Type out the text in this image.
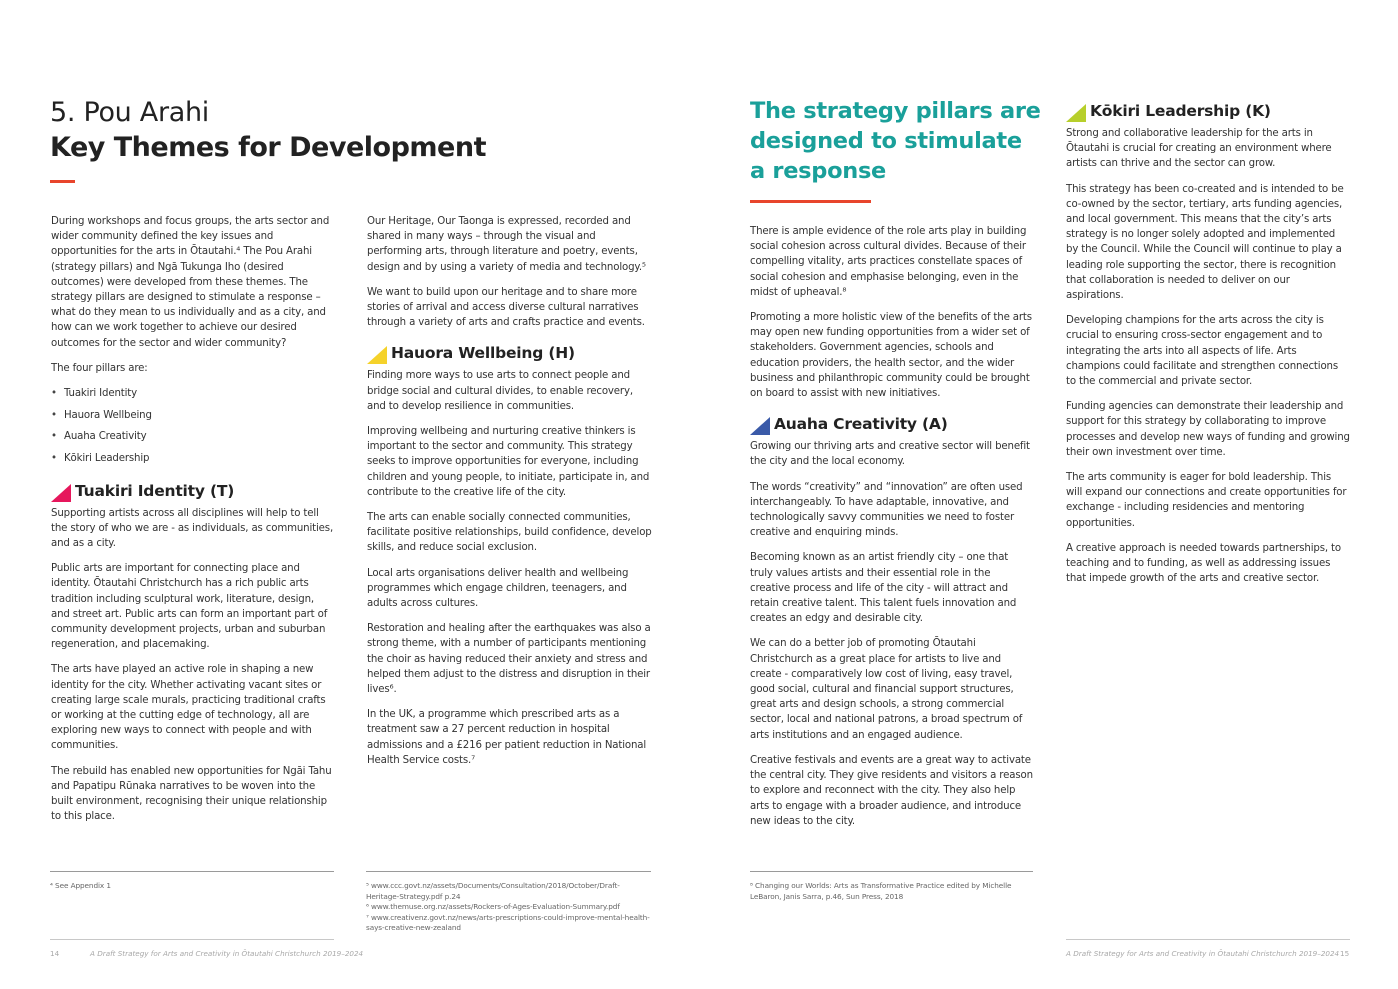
5. Pou Arahi
Key Themes for Development

During workshops and focus groups, the arts sector and wider community defined the key issues and opportunities for the arts in Ōtautahi.⁴ The Pou Arahi (strategy pillars) and Ngā Tukunga Iho (desired outcomes) were developed from these themes. The strategy pillars are designed to stimulate a response – what do they mean to us individually and as a city, and how can we work together to achieve our desired outcomes for the sector and wider community?

The four pillars are:

• Tuakiri Identity
• Hauora Wellbeing
• Auaha Creativity
• Kōkiri Leadership
Tuakiri Identity (T)

Supporting artists across all disciplines will help to tell the story of who we are - as individuals, as communities, and as a city.

Public arts are important for connecting place and identity. Ōtautahi Christchurch has a rich public arts tradition including sculptural work, literature, design, and street art. Public arts can form an important part of community development projects, urban and suburban regeneration, and placemaking.

The arts have played an active role in shaping a new identity for the city. Whether activating vacant sites or creating large scale murals, practicing traditional crafts or working at the cutting edge of technology, all are exploring new ways to connect with people and with communities.

The rebuild has enabled new opportunities for Ngāi Tahu and Papatipu Rūnaka narratives to be woven into the built environment, recognising their unique relationship to this place.

Our Heritage, Our Taonga is expressed, recorded and shared in many ways – through the visual and performing arts, through literature and poetry, events, design and by using a variety of media and technology.⁵

We want to build upon our heritage and to share more stories of arrival and access diverse cultural narratives through a variety of arts and crafts practice and events.

Hauora Wellbeing (H)

Finding more ways to use arts to connect people and bridge social and cultural divides, to enable recovery, and to develop resilience in communities.

Improving wellbeing and nurturing creative thinkers is important to the sector and community. This strategy seeks to improve opportunities for everyone, including children and young people, to initiate, participate in, and contribute to the creative life of the city.

The arts can enable socially connected communities, facilitate positive relationships, build confidence, develop skills, and reduce social exclusion.

Local arts organisations deliver health and wellbeing programmes which engage children, teenagers, and adults across cultures.

Restoration and healing after the earthquakes was also a strong theme, with a number of participants mentioning the choir as having reduced their anxiety and stress and helped them adjust to the distress and disruption in their lives⁶.

In the UK, a programme which prescribed arts as a treatment saw a 27 percent reduction in hospital admissions and a £216 per patient reduction in National Health Service costs.⁷

⁴ See Appendix 1	⁵ www.ccc.govt.nz/assets/Documents/Consultation/2018/October/Draft-Heritage-Strategy.pdf p.24
⁶ www.themuse.org.nz/assets/Rockers-of-Ages-Evaluation-Summary.pdf
⁷ www.creativenz.govt.nz/news/arts-prescriptions-could-improve-mental-health-says-creative-new-zealand
14	A Draft Strategy for Arts and Creativity in Ōtautahi Christchurch 2019–2024
The strategy pillars are
designed to stimulate
a response

There is ample evidence of the role arts play in building social cohesion across cultural divides. Because of their compelling vitality, arts practices constellate spaces of social cohesion and emphasise belonging, even in the midst of upheaval.⁸

Promoting a more holistic view of the benefits of the arts may open new funding opportunities from a wider set of stakeholders. Government agencies, schools and education providers, the health sector, and the wider business and philanthropic community could be brought on board to assist with new initiatives.

Auaha Creativity (A)

Growing our thriving arts and creative sector will benefit the city and the local economy.

The words “creativity” and “innovation” are often used interchangeably. To have adaptable, innovative, and technologically savvy communities we need to foster creative and enquiring minds.

Becoming known as an artist friendly city – one that truly values artists and their essential role in the creative process and life of the city - will attract and retain creative talent. This talent fuels innovation and creates an edgy and desirable city.

We can do a better job of promoting Ōtautahi Christchurch as a great place for artists to live and create - comparatively low cost of living, easy travel, good social, cultural and financial support structures, great arts and design schools, a strong commercial sector, local and national patrons, a broad spectrum of arts institutions and an engaged audience.

Creative festivals and events are a great way to activate the central city. They give residents and visitors a reason to explore and reconnect with the city. They also help arts to engage with a broader audience, and introduce new ideas to the city.

Kōkiri Leadership (K)

Strong and collaborative leadership for the arts in Ōtautahi is crucial for creating an environment where artists can thrive and the sector can grow.

This strategy has been co-created and is intended to be co-owned by the sector, tertiary, arts funding agencies, and local government. This means that the city’s arts strategy is no longer solely adopted and implemented by the Council. While the Council will continue to play a leading role supporting the sector, there is recognition that collaboration is needed to deliver on our aspirations.

Developing champions for the arts across the city is crucial to ensuring cross-sector engagement and to integrating the arts into all aspects of life. Arts champions could facilitate and strengthen connections to the commercial and private sector.

Funding agencies can demonstrate their leadership and support for this strategy by collaborating to improve processes and develop new ways of funding and growing their own investment over time.

The arts community is eager for bold leadership. This will expand our connections and create opportunities for exchange - including residencies and mentoring opportunities.

A creative approach is needed towards partnerships, to teaching and to funding, as well as addressing issues that impede growth of the arts and creative sector.

⁸ Changing our Worlds: Arts as Transformative Practice edited by Michelle LeBaron, Janis Sarra, p.46, Sun Press, 2018
A Draft Strategy for Arts and Creativity in Ōtautahi Christchurch 2019–2024 15
